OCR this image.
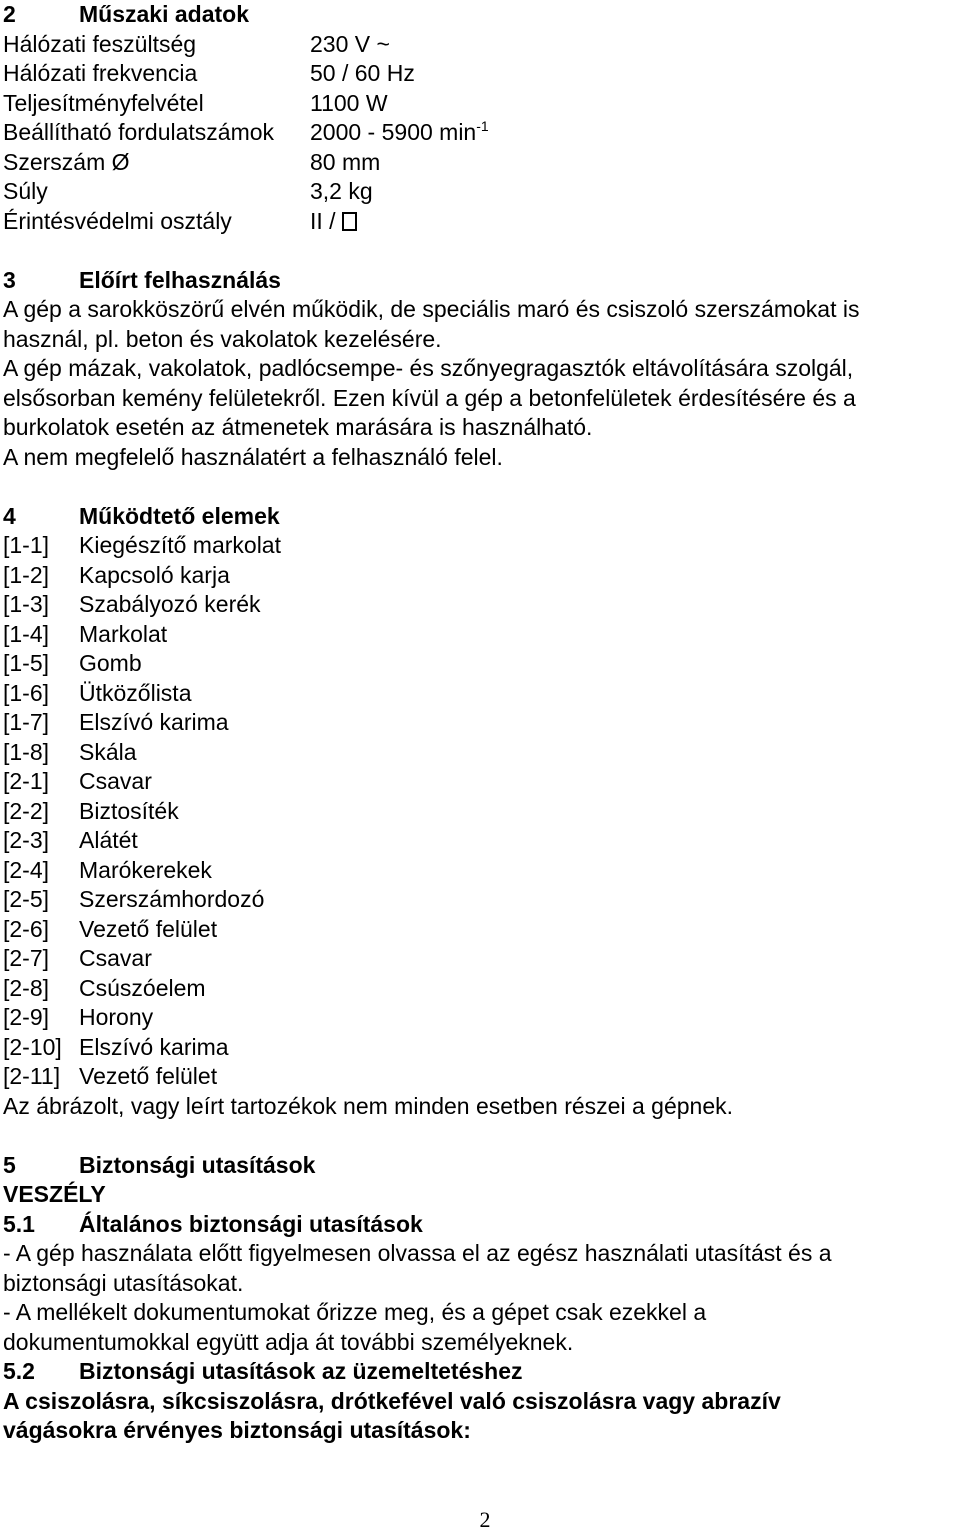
2	Műszaki adatok
Hálózati feszültség	230 V ~
Hálózati frekvencia	50 / 60 Hz
Teljesítményfelvétel	1100 W
Beállítható fordulatszámok 2000 - 5900 $\min^{-1}$
Szerszám Ø	80 mm
Súly	3,2 kg
Érintésvédelmi osztály	II /
3	Előírt felhasználás
A gép a sarokköszörű elvén működik, de speciális maró és csiszoló szerszámokat is
használ, pl. beton és vakolatok kezelésére.
A gép mázak, vakolatok, padlócsempe- és szőnyegragasztók eltávolítására szolgál,
elsősorban kemény felületekről. Ezen kívül a gép a betonfelületek érdesítésére és a
burkolatok esetén az átmenetek marására is használható.
A nem megfelelő használatért a felhasználó felel.
4	Működtető elemek
[1-1] Kiegészítő markolat
[1-2] Kapcsoló karja
[1-3] Szabályozó kerék
[1-4] Markolat
[1-5] Gomb
[1-6] Ütközőlista
[1-7] Elszívó karima
[1-8] Skála
[2-1] Csavar
[2-2] Biztosíték
[2-3] Alátét
[2-4] Marókerekek
[2-5] Szerszámhordozó
[2-6] Vezető felület
[2-7] Csavar
[2-8] Csúszóelem
[2-9] Horony
[2-10] Elszívó karima
[2-11] Vezető felület
Az ábrázolt, vagy leírt tartozékok nem minden esetben részei a gépnek.
5	Biztonsági utasítások
VESZÉLY
5.1 Általános biztonsági utasítások
- A gép használata előtt figyelmesen olvassa el az egész használati utasítást és a
biztonsági utasításokat.
- A mellékelt dokumentumokat őrizze meg, és a gépet csak ezekkel a
dokumentumokkal együtt adja át további személyeknek.
5.2 Biztonsági utasítások az üzemeltetéshez
A csiszolásra, síkcsiszolásra, drótkefével való csiszolásra vagy abrazív
vágásokra érvényes biztonsági utasítások:
2
